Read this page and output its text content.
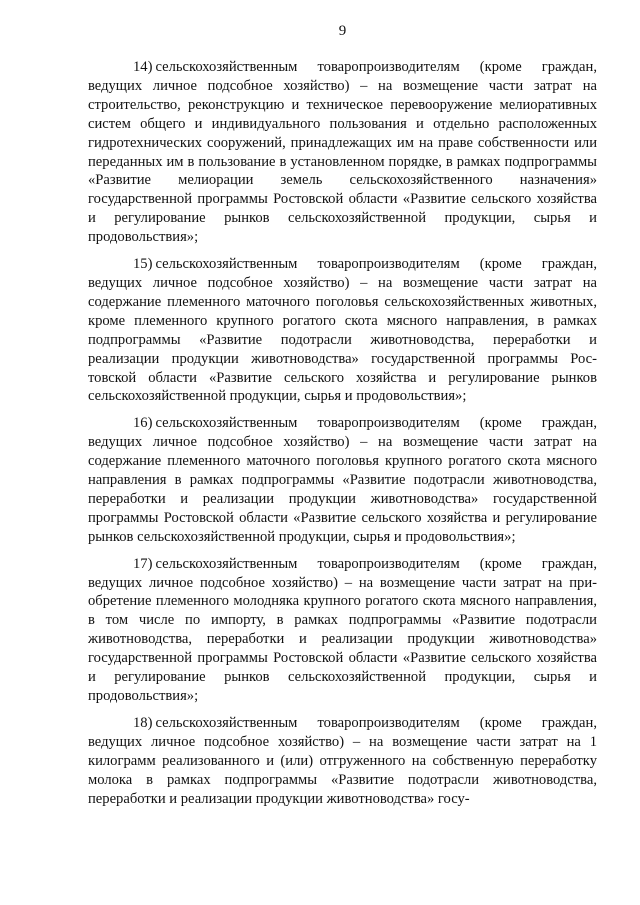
9

14) сельскохозяйственным товаропроизводителям (кроме граждан, ведущих личное подсобное хозяйство) – на возмещение части затрат на строительство, реконструкцию и техническое перевооружение мелиоративных систем общего и индивидуального пользования и отдельно расположенных гидротехнических сооружений, принадлежащих им на праве собственности или переданных им в пользование в установленном порядке, в рамках подпрограммы «Развитие мелиорации земель сельскохозяйственного назначения» государственной программы Ростовской области «Развитие сельского хозяйства и регулирование рынков сельскохозяйственной продукции, сырья и продовольствия»;

15) сельскохозяйственным товаропроизводителям (кроме граждан, ведущих личное подсобное хозяйство) – на возмещение части затрат на содержание племенного маточного поголовья сельскохозяйственных животных, кроме племенного крупного рогатого скота мясного направления, в рамках подпрограммы «Развитие подотрасли животноводства, переработки и реализации продукции животноводства» государственной программы Ростовской области «Развитие сельского хозяйства и регулирование рынков сельскохозяйственной продукции, сырья и продовольствия»;

16) сельскохозяйственным товаропроизводителям (кроме граждан, ведущих личное подсобное хозяйство) – на возмещение части затрат на содержание племенного маточного поголовья крупного рогатого скота мясного направления в рамках подпрограммы «Развитие подотрасли животноводства, переработки и реализации продукции животноводства» государственной программы Ростовской области «Развитие сельского хозяйства и регулирование рынков сельскохозяйственной продукции, сырья и продовольствия»;

17) сельскохозяйственным товаропроизводителям (кроме граждан, ведущих личное подсобное хозяйство) – на возмещение части затрат на приобретение племенного молодняка крупного рогатого скота мясного направления, в том числе по импорту, в рамках подпрограммы «Развитие подотрасли животноводства, переработки и реализации продукции животноводства» государственной программы Ростовской области «Развитие сельского хозяйства и регулирование рынков сельскохозяйственной продукции, сырья и продовольствия»;

18) сельскохозяйственным товаропроизводителям (кроме граждан, ведущих личное подсобное хозяйство) – на возмещение части затрат на 1 килограмм реализованного и (или) отгруженного на собственную переработку молока в рамках подпрограммы «Развитие подотрасли животноводства, переработки и реализации продукции животноводства» госу-
